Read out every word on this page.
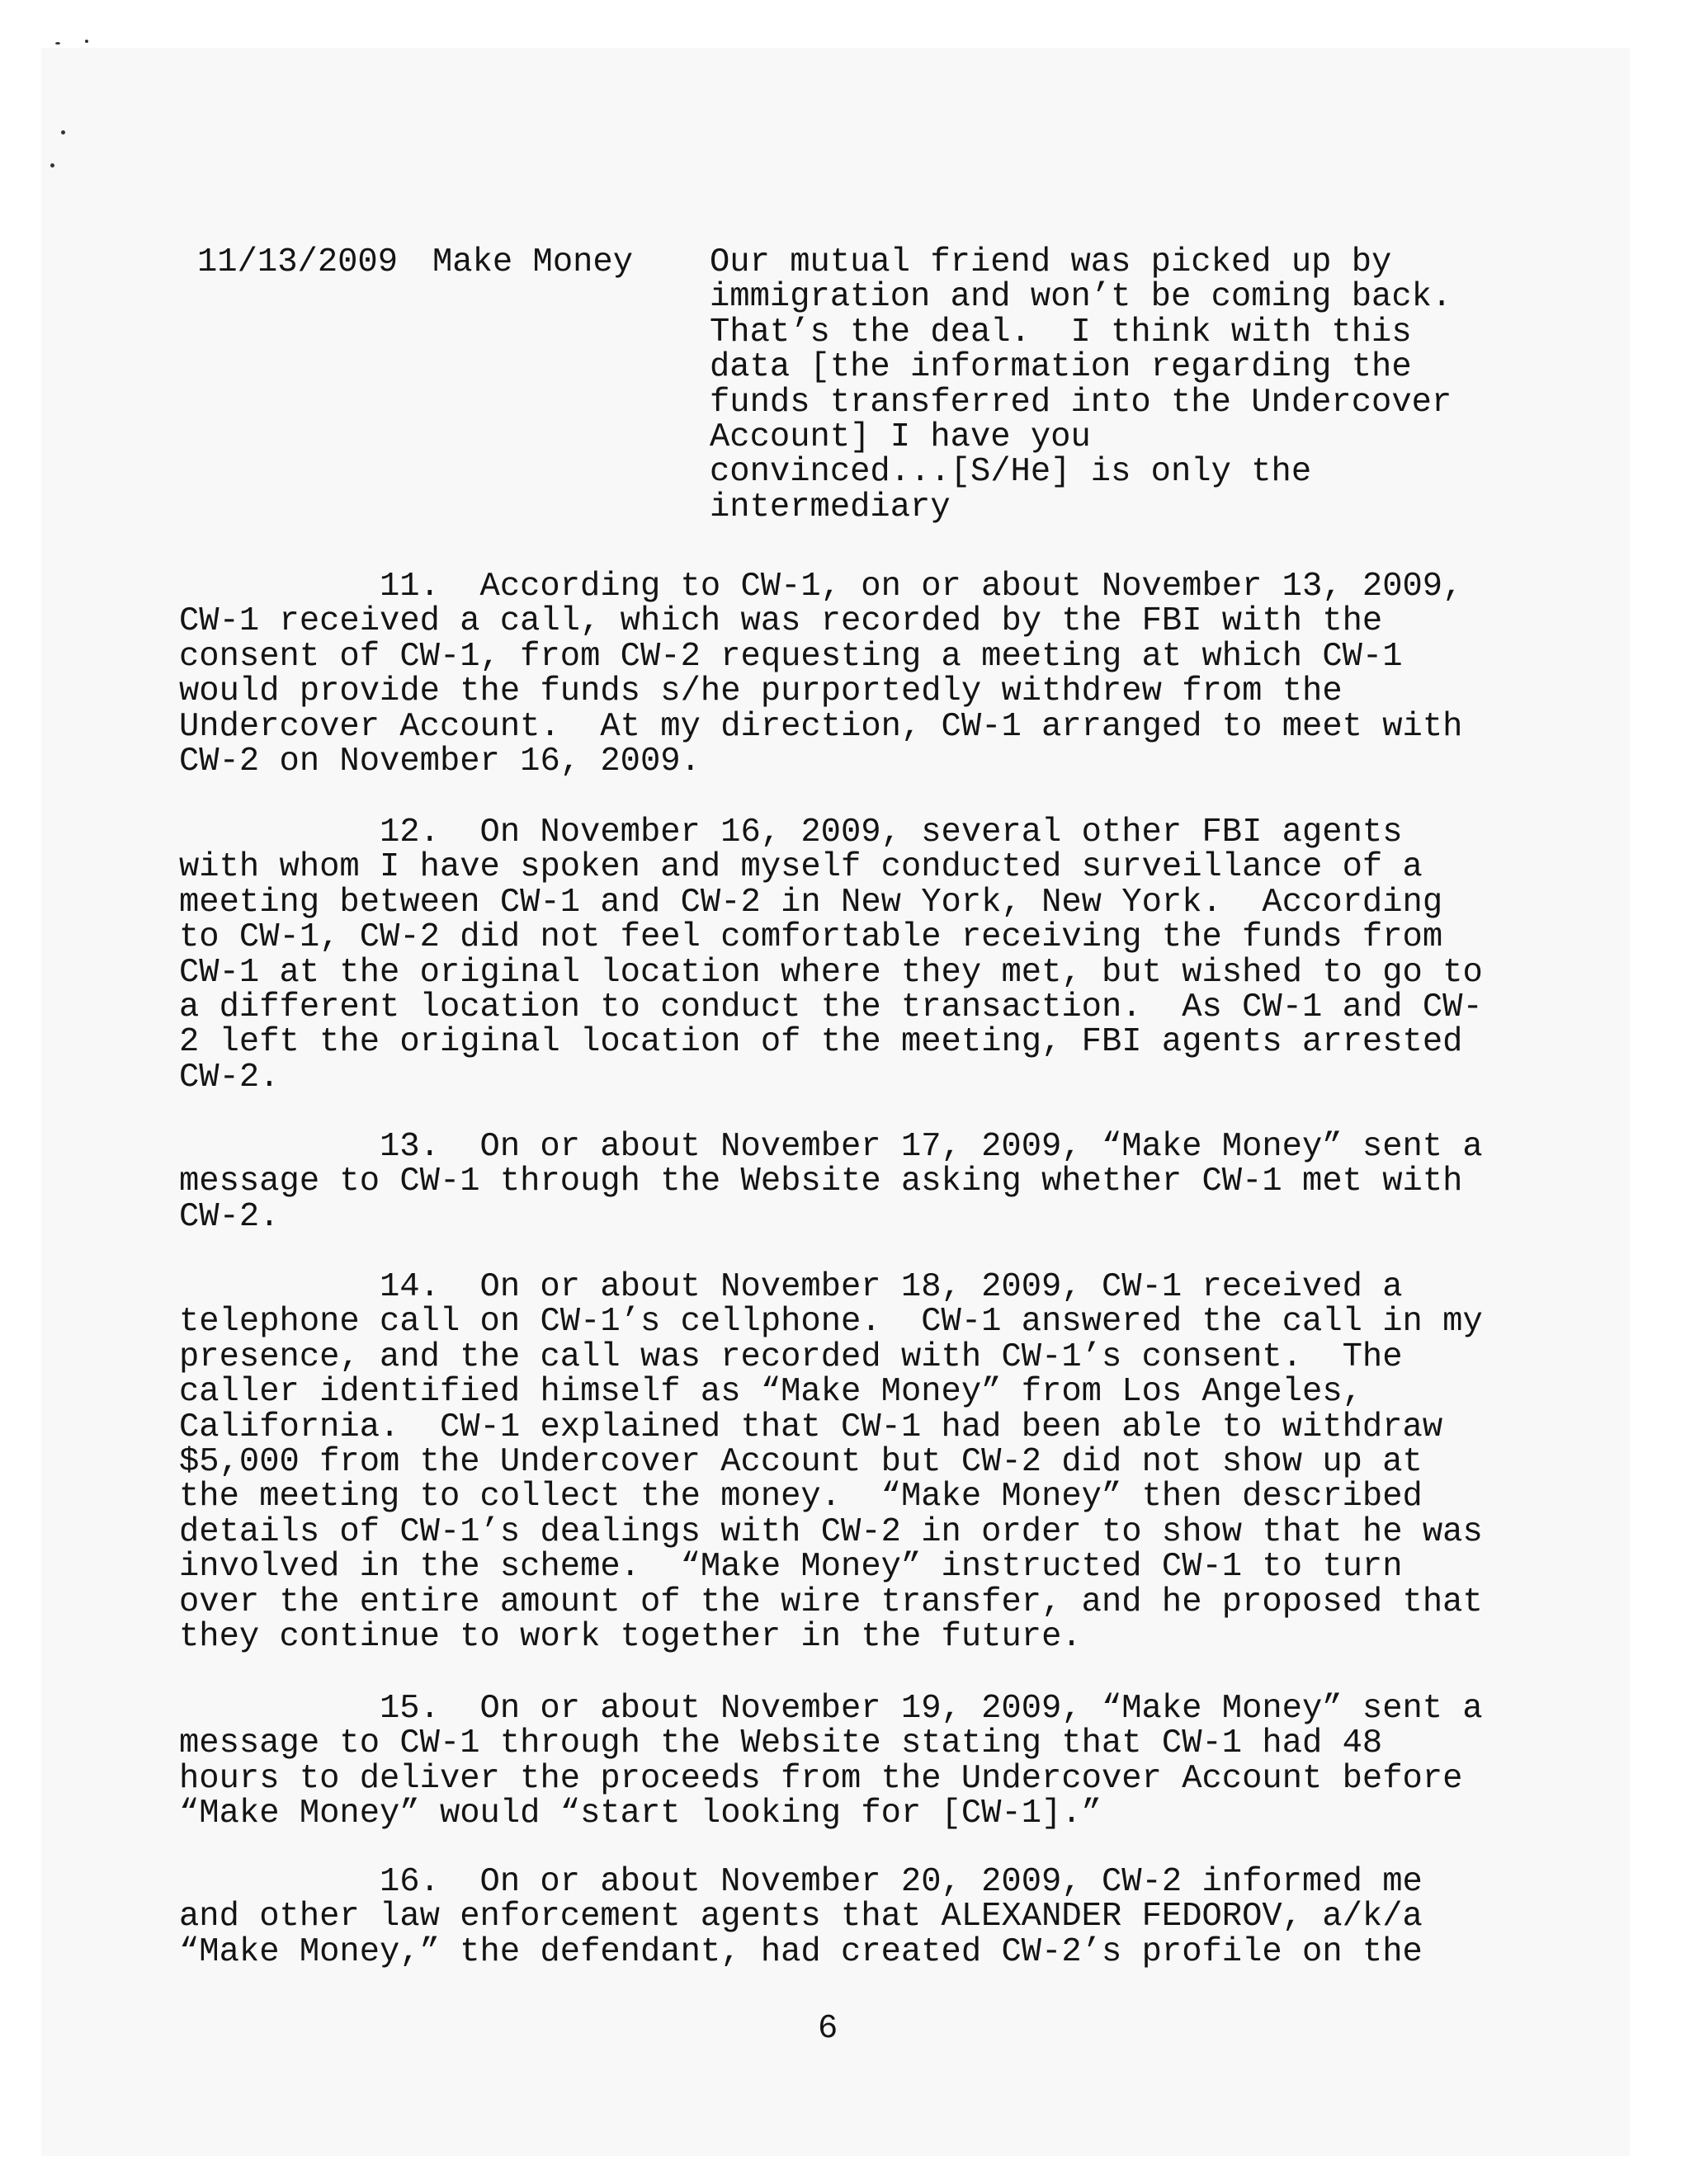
11/13/2009 Make Money Our mutual friend was picked up by
immigration and won’t be coming back.
That’s the deal.  I think with this
data [the information regarding the
funds transferred into the Undercover
Account] I have you
convinced...[S/He] is only the
intermediary
11.  According to CW-1, on or about November 13, 2009,
CW-1 received a call, which was recorded by the FBI with the
consent of CW-1, from CW-2 requesting a meeting at which CW-1
would provide the funds s/he purportedly withdrew from the
Undercover Account.  At my direction, CW-1 arranged to meet with
CW-2 on November 16, 2009.
12.  On November 16, 2009, several other FBI agents
with whom I have spoken and myself conducted surveillance of a
meeting between CW-1 and CW-2 in New York, New York.  According
to CW-1, CW-2 did not feel comfortable receiving the funds from
CW-1 at the original location where they met, but wished to go to
a different location to conduct the transaction.  As CW-1 and CW-
2 left the original location of the meeting, FBI agents arrested
CW-2.
13.  On or about November 17, 2009, “Make Money” sent a
message to CW-1 through the Website asking whether CW-1 met with
CW-2.
14.  On or about November 18, 2009, CW-1 received a
telephone call on CW-1’s cellphone.  CW-1 answered the call in my
presence, and the call was recorded with CW-1’s consent.  The
caller identified himself as “Make Money” from Los Angeles,
California.  CW-1 explained that CW-1 had been able to withdraw
$5,000 from the Undercover Account but CW-2 did not show up at
the meeting to collect the money.  “Make Money” then described
details of CW-1’s dealings with CW-2 in order to show that he was
involved in the scheme.  “Make Money” instructed CW-1 to turn
over the entire amount of the wire transfer, and he proposed that
they continue to work together in the future.
15.  On or about November 19, 2009, “Make Money” sent a
message to CW-1 through the Website stating that CW-1 had 48
hours to deliver the proceeds from the Undercover Account before
“Make Money” would “start looking for [CW-1].”
16.  On or about November 20, 2009, CW-2 informed me
and other law enforcement agents that ALEXANDER FEDOROV, a/k/a
“Make Money,” the defendant, had created CW-2’s profile on the
6
